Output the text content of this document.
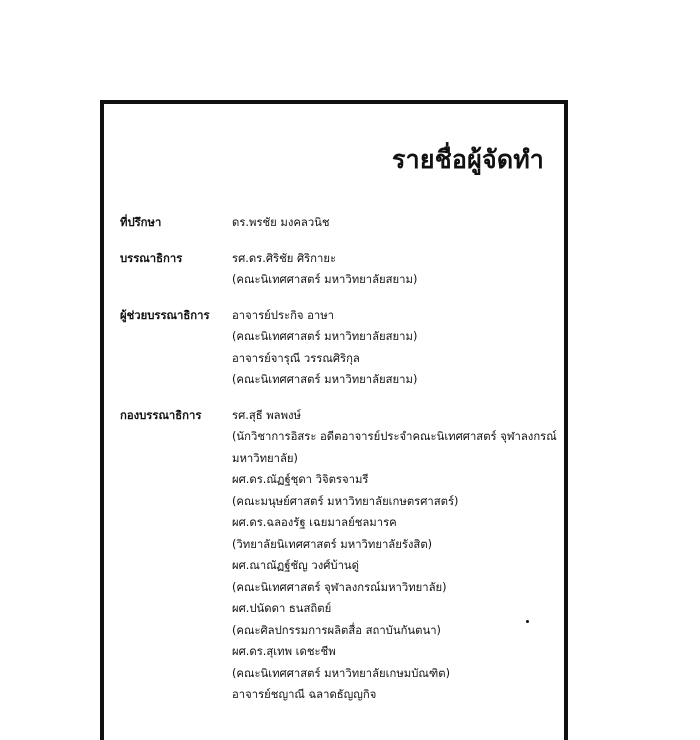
รายชื่อผู้จัดทำ
ที่ปรึกษา	ดร.พรชัย มงคลวนิช
บรรณาธิการ	รศ.ดร.ศิริชัย ศิริกายะ
(คณะนิเทศศาสตร์ มหาวิทยาลัยสยาม)
ผู้ช่วยบรรณาธิการ	อาจารย์ประกิจ อาษา
(คณะนิเทศศาสตร์ มหาวิทยาลัยสยาม)
อาจารย์จารุณี วรรณศิริกุล
(คณะนิเทศศาสตร์ มหาวิทยาลัยสยาม)
กองบรรณาธิการ	รศ.สุธี พลพงษ์
(นักวิชาการอิสระ อดีตอาจารย์ประจำคณะนิเทศศาสตร์ จุฬาลงกรณ์
มหาวิทยาลัย)
ผศ.ดร.ณัฏฐ์ชุดา วิจิตรจามรี
(คณะมนุษย์ศาสตร์ มหาวิทยาลัยเกษตรศาสตร์)
ผศ.ดร.ฉลองรัฐ เฉยมาลย์ชลมารค
(วิทยาลัยนิเทศศาสตร์ มหาวิทยาลัยรังสิต)
ผศ.ณาณัฏฐ์ชัญ วงศ์บ้านดู่
(คณะนิเทศศาสตร์ จุฬาลงกรณ์มหาวิทยาลัย)
ผศ.ปนัดดา ธนสถิตย์
(คณะศิลปกรรมการผลิตสื่อ สถาบันกันตนา)
ผศ.ดร.สุเทพ เดชะชีพ
(คณะนิเทศศาสตร์ มหาวิทยาลัยเกษมบัณฑิต)
อาจารย์ชญาณี ฉลาดธัญญกิจ
